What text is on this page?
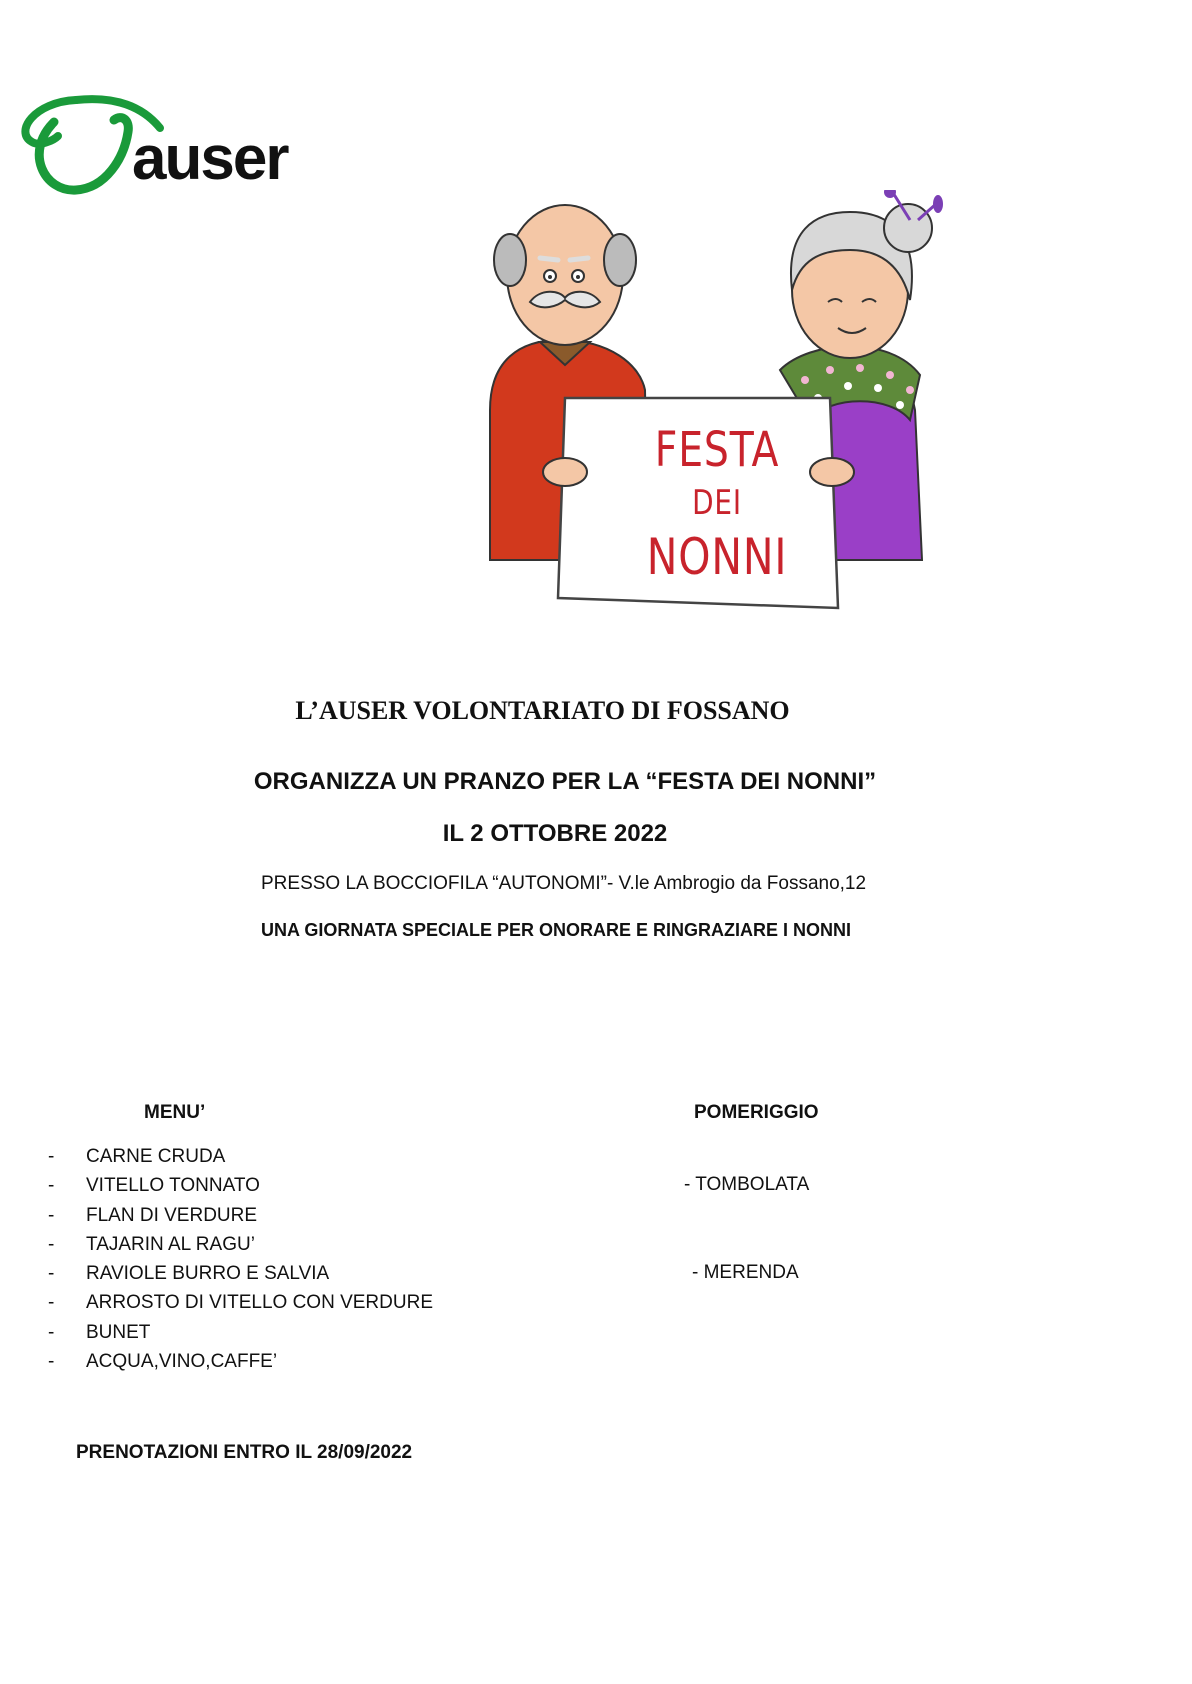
auser
FESTA
DEI
NONNI
L’AUSER VOLONTARIATO DI FOSSANO
ORGANIZZA UN PRANZO PER LA “FESTA DEI NONNI”
IL 2 OTTOBRE 2022
PRESSO LA BOCCIOFILA “AUTONOMI”- V.le Ambrogio da Fossano,12
UNA GIORNATA SPECIALE PER ONORARE E RINGRAZIARE I NONNI
MENU’
- CARNE CRUDA
- VITELLO TONNATO
- FLAN DI VERDURE
- TAJARIN AL RAGU’
- RAVIOLE BURRO E SALVIA
- ARROSTO DI VITELLO CON VERDURE
- BUNET
- ACQUA,VINO,CAFFE’
POMERIGGIO
- TOMBOLATA
- MERENDA
PRENOTAZIONI ENTRO IL 28/09/2022
